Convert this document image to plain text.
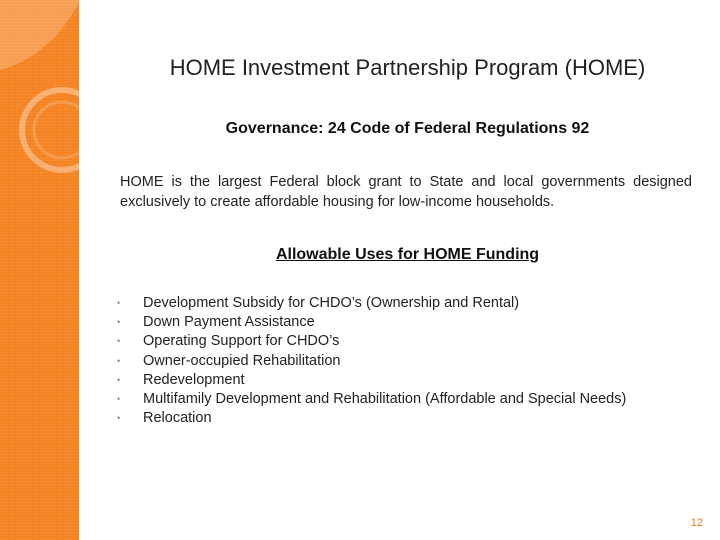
HOME Investment Partnership Program (HOME)
Governance: 24 Code of Federal Regulations 92
HOME is the largest Federal block grant to State and local governments designed exclusively to create affordable housing for low-income households.
Allowable Uses for HOME Funding
• Development Subsidy for CHDO’s (Ownership and Rental)
• Down Payment Assistance
• Operating Support for CHDO’s
• Owner-occupied Rehabilitation
• Redevelopment
• Multifamily Development and Rehabilitation (Affordable and Special Needs)
• Relocation
12
